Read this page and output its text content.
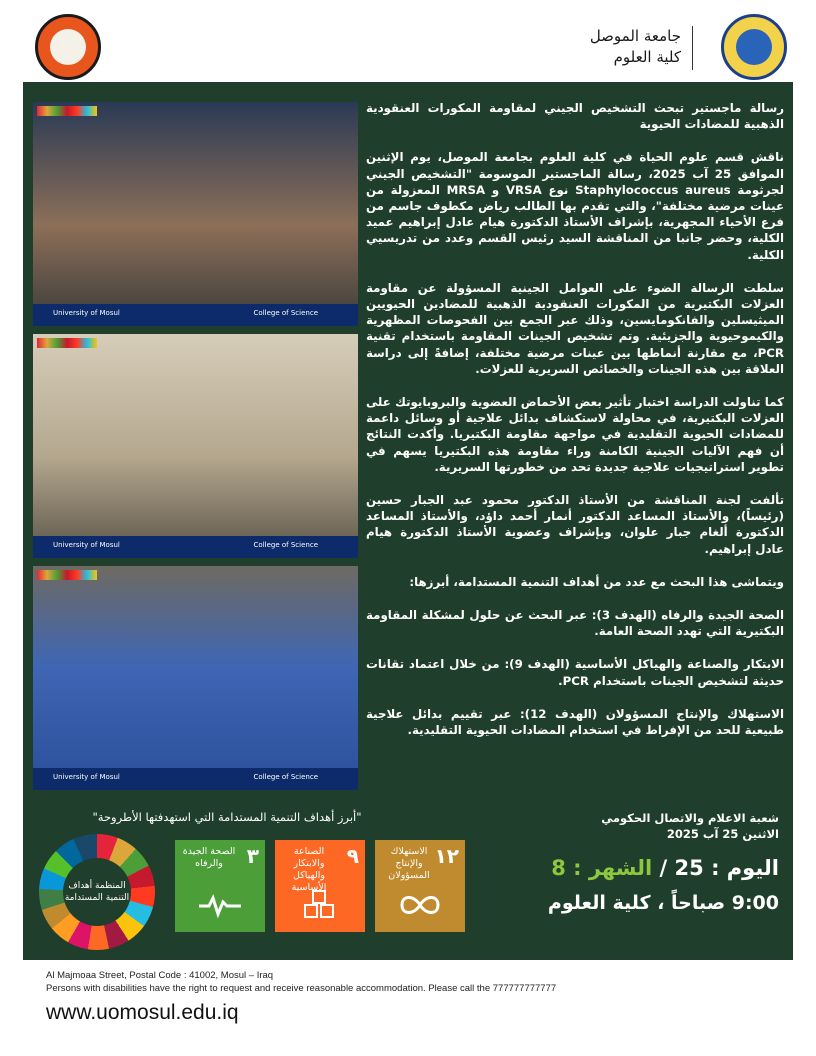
جامعة الموصل
كلية العلوم
University of Mosul	College of Science
University of Mosul	College of Science
University of Mosul	College of Science

رسالة ماجستير تبحث التشخيص الجيني لمقاومة المكورات العنقودية الذهبية للمضادات الحيوية

ناقش قسم علوم الحياة في كلية العلوم بجامعة الموصل، يوم الإثنين الموافق 25 آب 2025، رسالة الماجستير الموسومة "التشخيص الجيني لجرثومة Staphylococcus aureus نوع VRSA و MRSA المعزولة من عينات مرضية مختلفة"، والتي تقدم بها الطالب رياض مكطوف جاسم من فرع الأحياء المجهرية، بإشراف الأستاذ الدكتورة هيام عادل إبراهيم عميد الكلية، وحضر جانبا من المناقشة السيد رئيس القسم وعدد من تدريسيي الكلية.

سلطت الرسالة الضوء على العوامل الجينية المسؤولة عن مقاومة العزلات البكتيرية من المكورات العنقودية الذهبية للمضادين الحيويين الميثيسلين والفانكومايسين، وذلك عبر الجمع بين الفحوصات المظهرية والكيموحيوية والجزيئية. وتم تشخيص الجينات المقاومة باستخدام تقنية PCR، مع مقارنة أنماطها بين عينات مرضية مختلفة، إضافةً إلى دراسة العلاقة بين هذه الجينات والخصائص السريرية للعزلات.

كما تناولت الدراسة اختبار تأثير بعض الأحماض العضوية والبروبايوتك على العزلات البكتيرية، في محاولة لاستكشاف بدائل علاجية أو وسائل داعمة للمضادات الحيوية التقليدية في مواجهة مقاومة البكتيريا. وأكدت النتائج أن فهم الآليات الجينية الكامنة وراء مقاومة هذه البكتيريا يسهم في تطوير استراتيجيات علاجية جديدة تحد من خطورتها السريرية.

تألفت لجنة المناقشة من الأستاذ الدكتور محمود عبد الجبار حسين (رئيساً)، والأستاذ المساعد الدكتور أنمار أحمد داؤد، والأستاذ المساعد الدكتورة ألغام جبار علوان، وبإشراف وعضوية الأستاذ الدكتورة هيام عادل إبراهيم.

ويتماشى هذا البحث مع عدد من أهداف التنمية المستدامة، أبرزها:

الصحة الجيدة والرفاه (الهدف 3): عبر البحث عن حلول لمشكلة المقاومة البكتيرية التي تهدد الصحة العامة.

الابتكار والصناعة والهياكل الأساسية (الهدف 9): من خلال اعتماد تقانات حديثة لتشخيص الجينات باستخدام PCR.

الاستهلاك والإنتاج المسؤولان (الهدف 12): عبر تقييم بدائل علاجية طبيعية للحد من الإفراط في استخدام المضادات الحيوية التقليدية.

"أبرز أهداف التنمية المستدامة التي استهدفتها الأطروحة"
المنظمة أهداف التنمية المستدامة
٣
الصحة الجيدة والرفاه	٩
الصناعة والابتكار والهياكل الأساسية
١٢
الاستهلاك والإنتاج المسؤولان
شعبة الاعلام والاتصال الحكومي
الاثنين 25 آب 2025
اليوم : 25 / الشهر : 8
9:00 صباحاً ، كلية العلوم
Al Majmoaa Street, Postal Code : 41002, Mosul – Iraq
Persons with disabilities have the right to request and receive reasonable accommodation. Please call the 777777777777
www.uomosul.edu.iq
